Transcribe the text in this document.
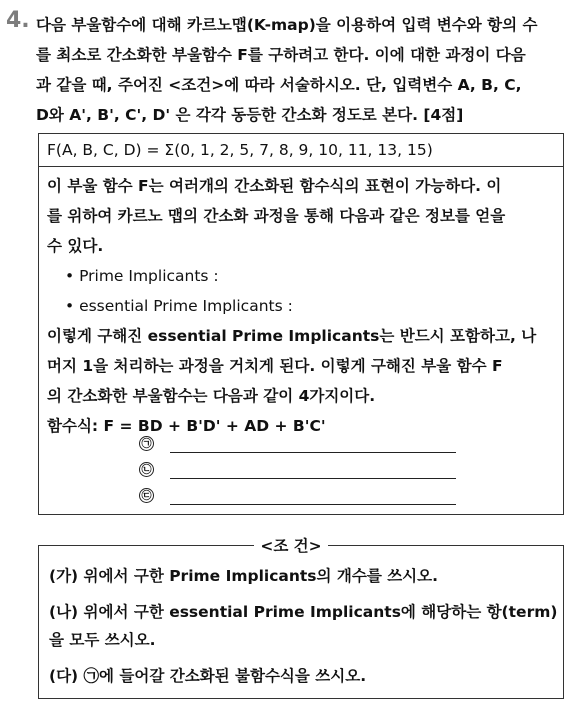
4. 다음 부울함수에 대해 카르노맵(K-map)을 이용하여 입력 변수와 항의 수
를 최소로 간소화한 부울함수 F를 구하려고 한다. 이에 대한 과정이 다음
과 같을 때, 주어진 <조건>에 따라 서술하시오. 단, 입력변수 A, B, C,
D와 A', B', C', D' 은 각각 동등한 간소화 정도로 본다. [4점]
F(A, B, C, D) = Σ(0, 1, 2, 5, 7, 8, 9, 10, 11, 13, 15)
이 부울 함수 F는 여러개의 간소화된 함수식의 표현이 가능하다. 이
를 위하여 카르노 맵의 간소화 과정을 통해 다음과 같은 정보를 얻을
수 있다.
• Prime Implicants :
• essential Prime Implicants :
이렇게 구해진 essential Prime Implicants는 반드시 포함하고, 나
머지 1을 처리하는 과정을 거치게 된다. 이렇게 구해진 부울 함수 F
의 간소화한 부울함수는 다음과 같이 4가지이다.
함수식: F = BD + B'D' + AD + B'C'
㉠
㉡
㉢
(가) 위에서 구한 Prime Implicants의 개수를 쓰시오.
(나) 위에서 구한 essential Prime Implicants에 해당하는 항(term)
을 모두 쓰시오.
(다) ㉠에 들어갈 간소화된 불함수식을 쓰시오.
<조 건>
